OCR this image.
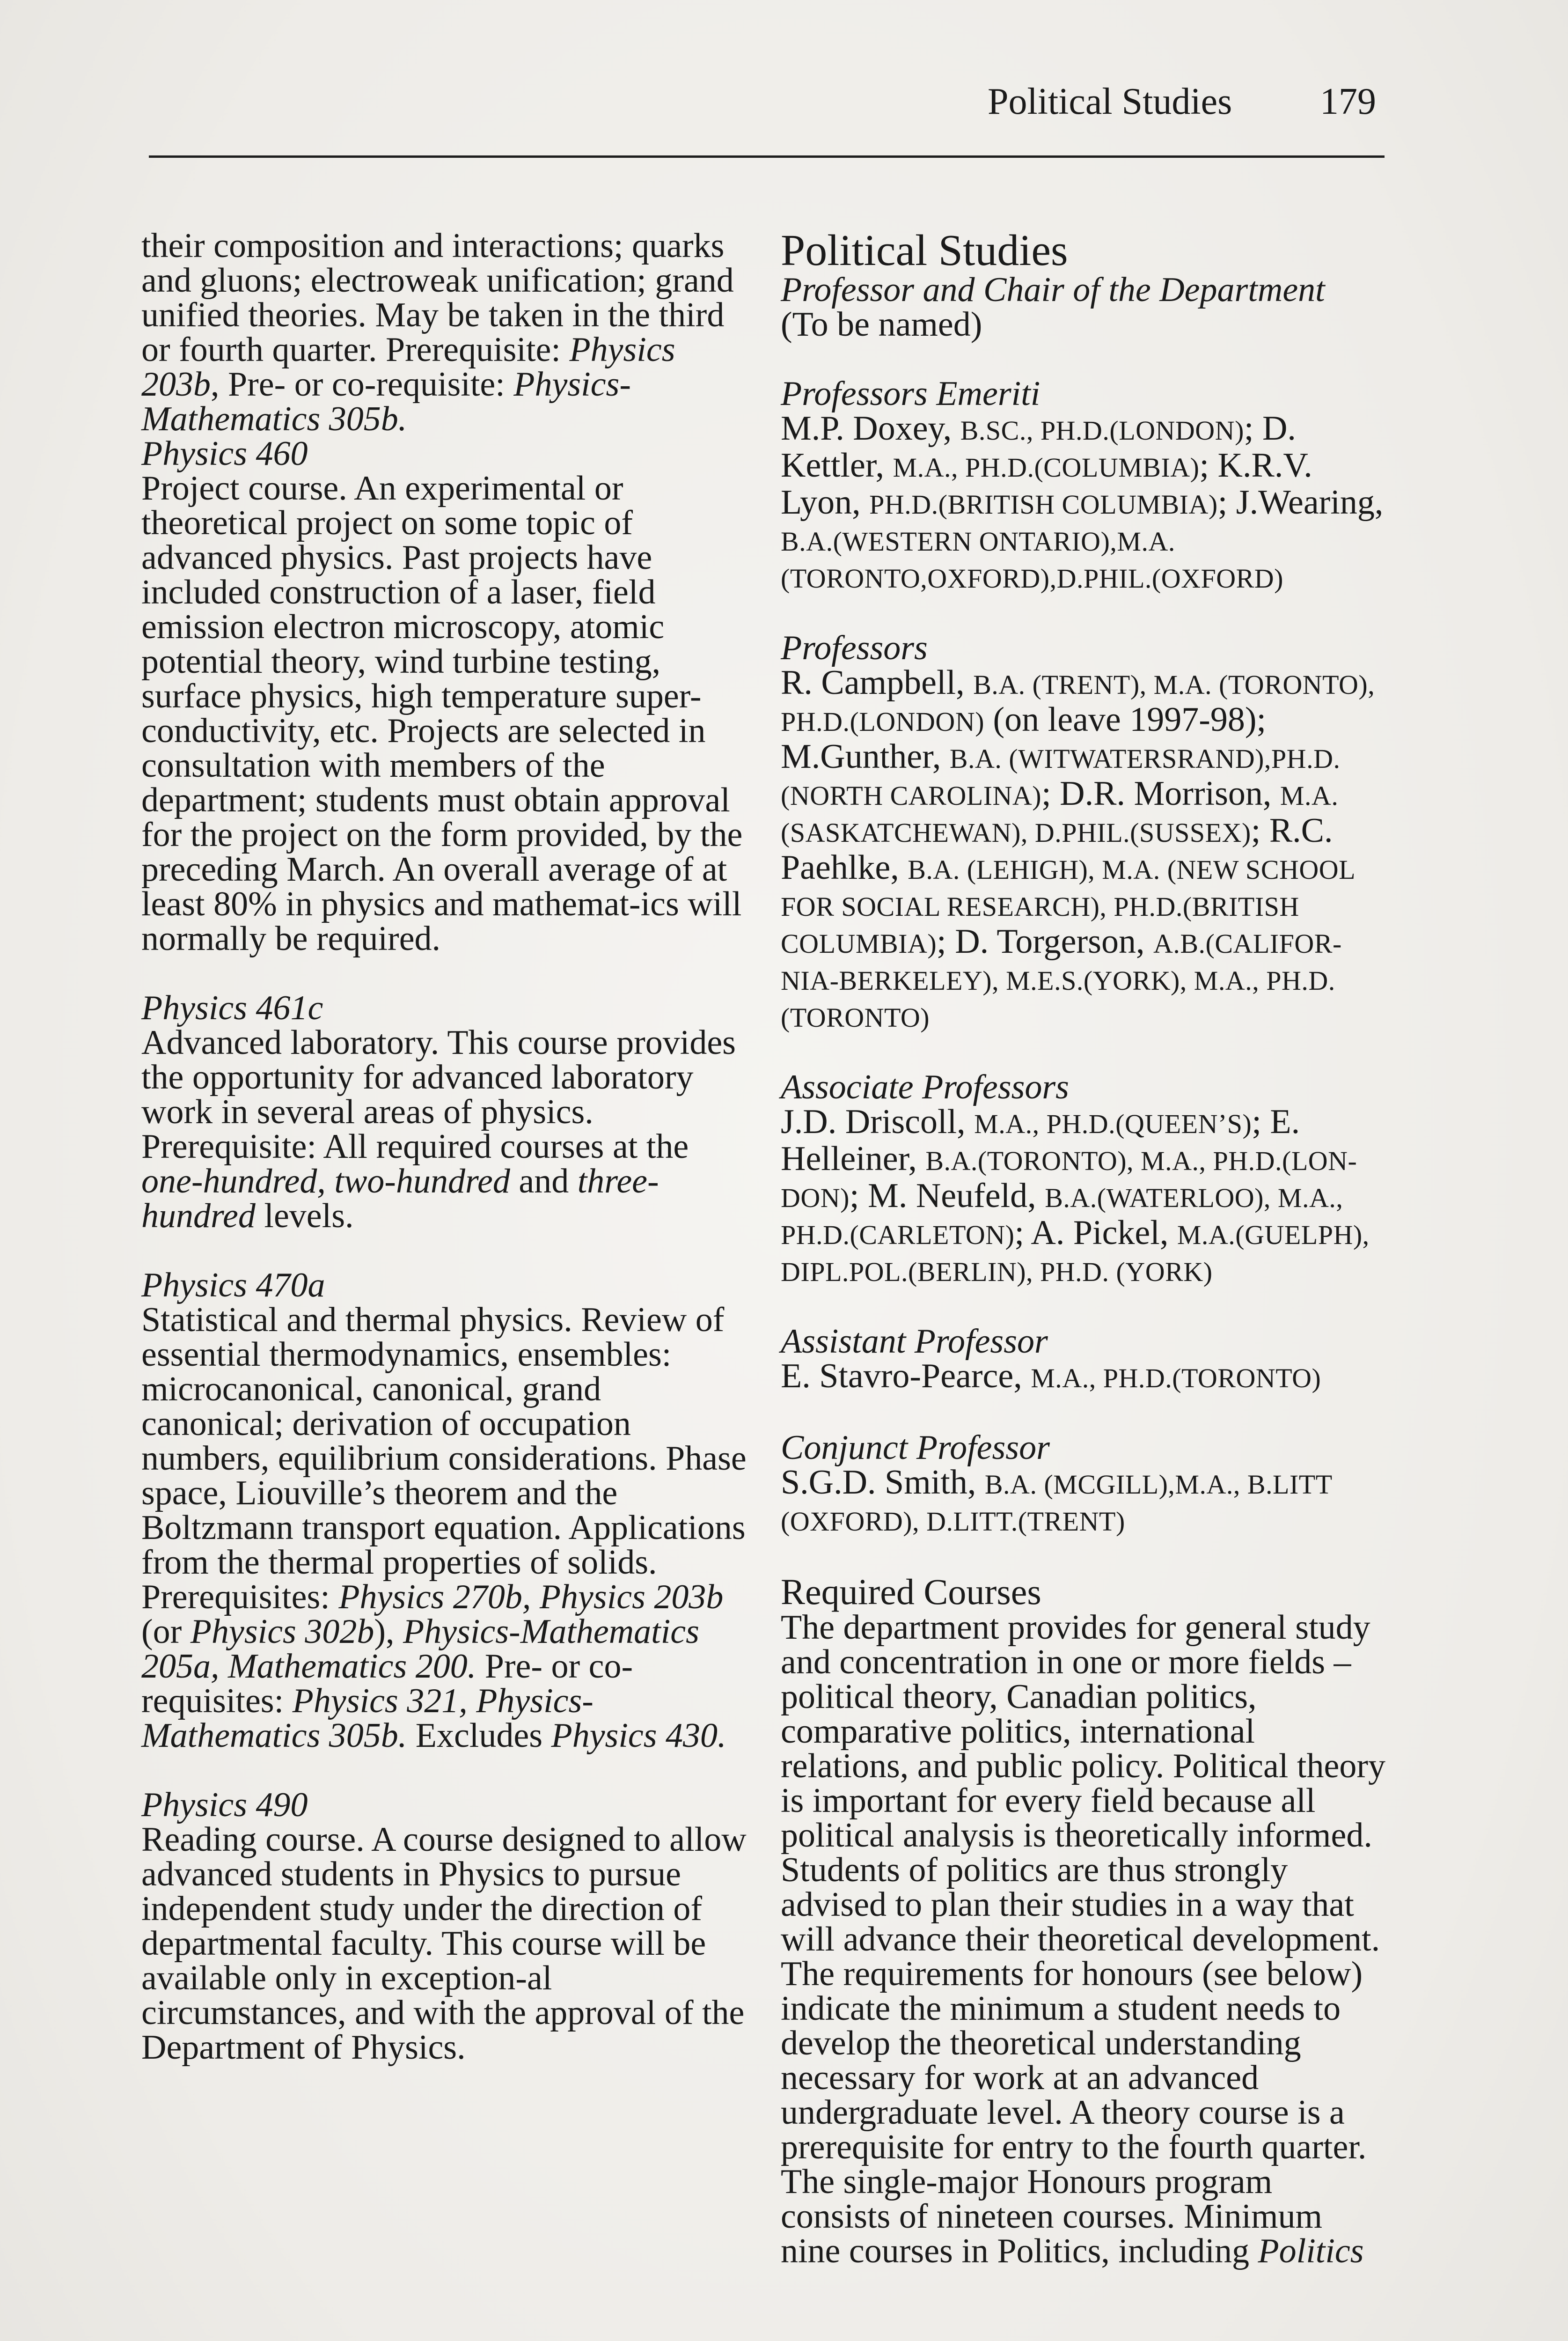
Political Studies 179

their composition and interactions; quarks and gluons; electroweak unification; grand unified theories. May be taken in the third or fourth quarter. Prerequisite: Physics 203b, Pre- or co-requisite: Physics-Mathematics 305b.

Physics 460

Project course. An experimental or theoretical project on some topic of advanced physics. Past projects have included construction of a laser, field emission electron microscopy, atomic potential theory, wind turbine testing, surface physics, high temperature super-conductivity, etc. Projects are selected in consultation with members of the department; students must obtain approval for the project on the form provided, by the preceding March. An overall average of at least 80% in physics and mathemat-ics will normally be required.

Physics 461c

Advanced laboratory. This course provides the opportunity for advanced laboratory work in several areas of physics. Prerequisite: All required courses at the one-hundred, two-hundred and three-hundred levels.

Physics 470a

Statistical and thermal physics. Review of essential thermodynamics, ensembles: microcanonical, canonical, grand canonical; derivation of occupation numbers, equilibrium considerations. Phase space, Liouville’s theorem and the Boltzmann transport equation. Applications from the thermal properties of solids. Prerequisites: Physics 270b, Physics 203b (or Physics 302b), Physics-Mathematics 205a, Mathematics 200. Pre- or co-requisites: Physics 321, Physics-Mathematics 305b. Excludes Physics 430.

Physics 490

Reading course. A course designed to allow advanced students in Physics to pursue independent study under the direction of departmental faculty. This course will be available only in exception-al circumstances, and with the approval of the Department of Physics.

Political Studies

Professor and Chair of the Department

(To be named)

Professors Emeriti

M.P. Doxey, B.SC., PH.D.(LONDON); D. Kettler, M.A., PH.D.(COLUMBIA); K.R.V. Lyon, PH.D.(BRITISH COLUMBIA); J.Wearing, B.A.(WESTERN ONTARIO),M.A. (TORONTO,OXFORD),D.PHIL.(OXFORD)

Professors

R. Campbell, B.A. (TRENT), M.A. (TORONTO), PH.D.(LONDON) (on leave 1997-98); M.Gunther, B.A. (WITWATERSRAND),PH.D. (NORTH CAROLINA); D.R. Morrison, M.A. (SASKATCHEWAN), D.PHIL.(SUSSEX); R.C. Paehlke, B.A. (LEHIGH), M.A. (NEW SCHOOL FOR SOCIAL RESEARCH), PH.D.(BRITISH COLUMBIA); D. Torgerson, A.B.(CALIFOR-NIA-BERKELEY), M.E.S.(YORK), M.A., PH.D. (TORONTO)

Associate Professors

J.D. Driscoll, M.A., PH.D.(QUEEN’S); E. Helleiner, B.A.(TORONTO), M.A., PH.D.(LON-DON); M. Neufeld, B.A.(WATERLOO), M.A., PH.D.(CARLETON); A. Pickel, M.A.(GUELPH), DIPL.POL.(BERLIN), PH.D. (YORK)

Assistant Professor

E. Stavro-Pearce, M.A., PH.D.(TORONTO)

Conjunct Professor

S.G.D. Smith, B.A. (MCGILL),M.A., B.LITT (OXFORD), D.LITT.(TRENT)

Required Courses

The department provides for general study and concentration in one or more fields – political theory, Canadian politics, comparative politics, international relations, and public policy. Political theory is important for every field because all political analysis is theoretically informed. Students of politics are thus strongly advised to plan their studies in a way that will advance their theoretical development. The requirements for honours (see below) indicate the minimum a student needs to develop the theoretical understanding necessary for work at an advanced undergraduate level. A theory course is a prerequisite for entry to the fourth quarter.

The single-major Honours program consists of nineteen courses. Minimum nine courses in Politics, including Politics
